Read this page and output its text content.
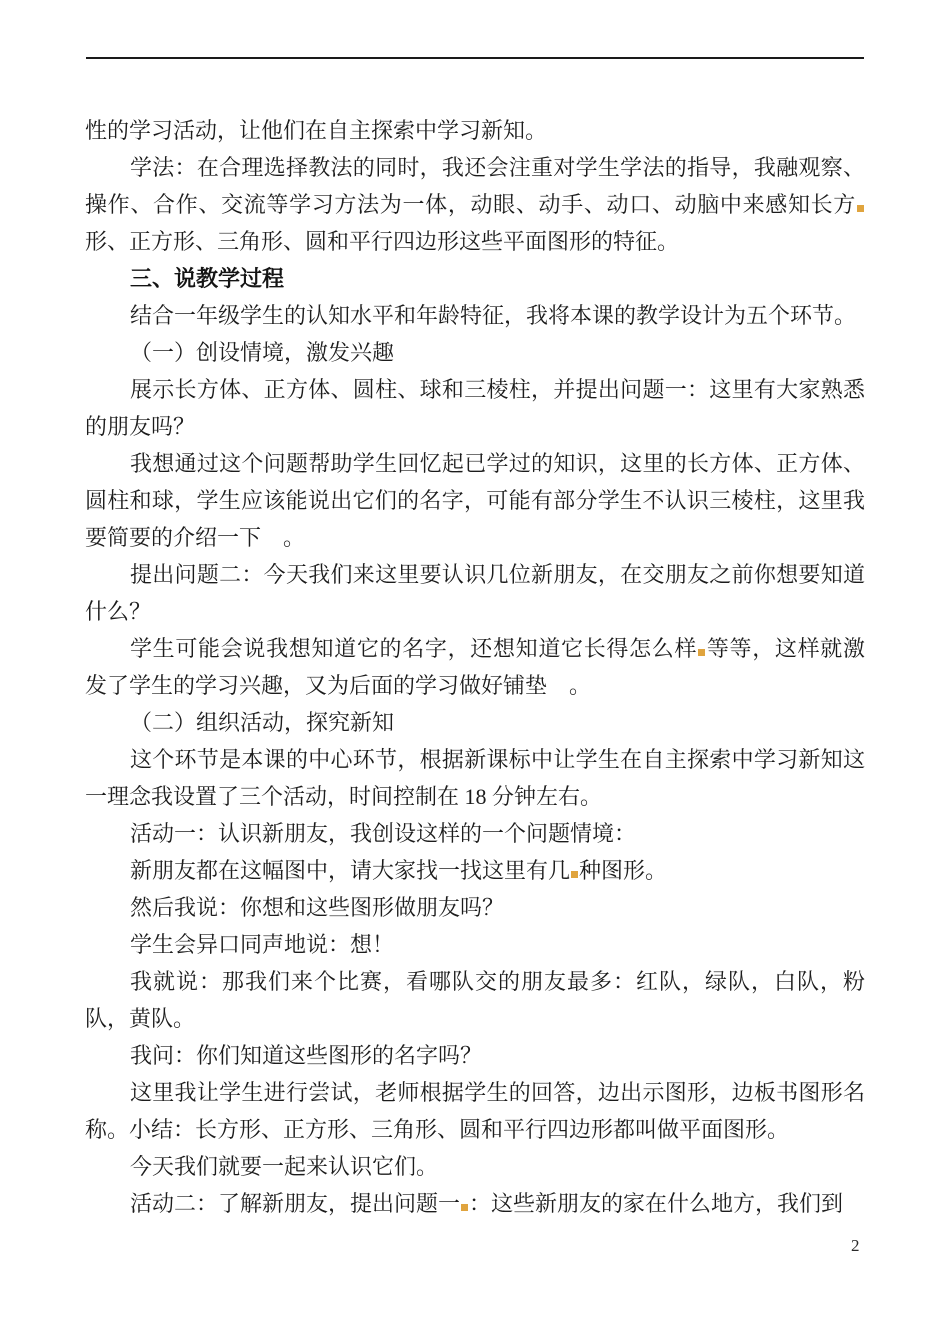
性的学习活动，让他们在自主探索中学习新知。

学法：在合理选择教法的同时，我还会注重对学生学法的指导，我融观察、操作、合作、交流等学习方法为一体，动眼、动手、动口、动脑中来感知长方形、正方形、三角形、圆和平行四边形这些平面图形的特征。

三、说教学过程

结合一年级学生的认知水平和年龄特征，我将本课的教学设计为五个环节。

（一）创设情境，激发兴趣

展示长方体、正方体、圆柱、球和三棱柱，并提出问题一：这里有大家熟悉的朋友吗？

我想通过这个问题帮助学生回忆起已学过的知识，这里的长方体、正方体、圆柱和球，学生应该能说出它们的名字，可能有部分学生不认识三棱柱，这里我要简要的介绍一下　。

提出问题二：今天我们来这里要认识几位新朋友，在交朋友之前你想要知道什么？

学生可能会说我想知道它的名字，还想知道它长得怎么样 等等，这样就激发了学生的学习兴趣，又为后面的学习做好铺垫　。

（二）组织活动，探究新知

这个环节是本课的中心环节，根据新课标中让学生在自主探索中学习新知这一理念我设置了三个活动，时间控制在 18 分钟左右。

活动一：认识新朋友，我创设这样的一个问题情境：

新朋友都在这幅图中，请大家找一找这里有几 种图形。

然后我说：你想和这些图形做朋友吗？

学生会异口同声地说：想！

我就说：那我们来个比赛，看哪队交的朋友最多：红队，绿队，白队，粉队，黄队。

我问：你们知道这些图形的名字吗？

这里我让学生进行尝试，老师根据学生的回答，边出示图形，边板书图形名称。小结：长方形、正方形、三角形、圆和平行四边形都叫做平面图形。

今天我们就要一起来认识它们。

活动二：了解新朋友，提出问题一 ：这些新朋友的家在什么地方，我们到

2
